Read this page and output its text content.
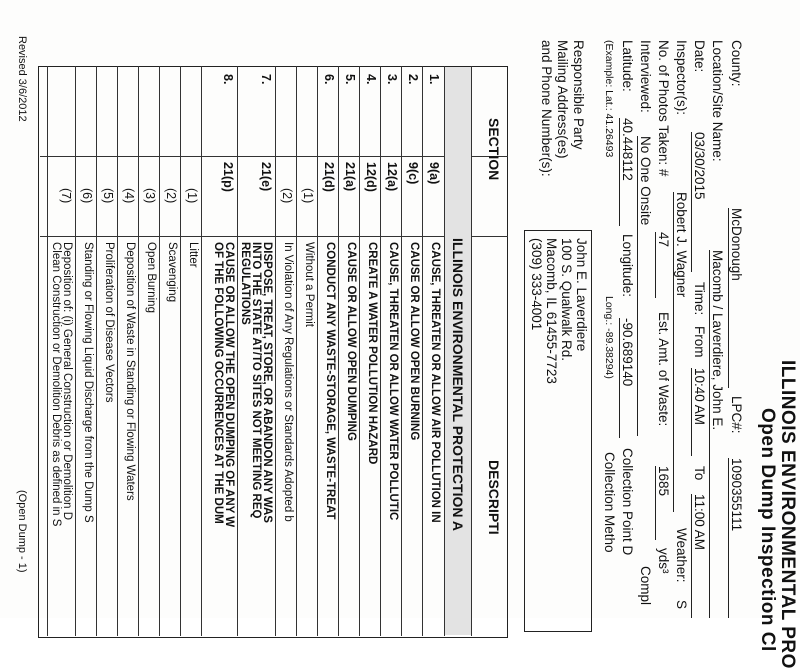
ILLINOIS ENVIRONMENTAL PRO
Open Dump Inspection Cl
County:
McDonough
LPC#:
1090355111
Location/Site Name:
Macomb / Laverdiere, John E.
Date:
03/30/2015
Time:
From
10:40 AM
To
11:00 AM
Inspector(s):
Robert J. Wagner
Weather:
S
No. of Photos Taken: #
47
Est. Amt. of Waste:
1685
yds³
Interviewed:
No One Onsite
Compl
Latitude:
40.448112
Longitude:
-90.689140
Collection Point D
(Example: Lat.: 41.26493
Long.: -89.38294)
Collection Metho
Responsible Party
Mailing Address(es)
and Phone Number(s):
John E. Laverdiere
100 S. Qualwalk Rd.
Macomb, IL 61455-7723
(309) 333-4001
SECTION
DESCRIPTI
ILLINOIS ENVIRONMENTAL PROTECTION A
1.
9(a)
CAUSE, THREATEN OR ALLOW AIR POLLUTION IN
2.
9(c)
CAUSE OR ALLOW OPEN BURNING
3.
12(a)
CAUSE, THREATEN OR ALLOW WATER POLLUTIC
4.
12(d)
CREATE A WATER POLLUTION HAZARD
5.
21(a)
CAUSE OR ALLOW OPEN DUMPING
6.
21(d)
CONDUCT ANY WASTE-STORAGE, WASTE-TREAT
(1)
Without a Permit
(2)
In Violation of Any Regulations or Standards Adopted b
7.
21(e)
DISPOSE, TREAT, STORE, OR ABANDON ANY WAS
INTO THE STATE AT/TO SITES NOT MEETING REQ
REGULATIONS
8.
21(p)
CAUSE OR ALLOW THE OPEN DUMPING OF ANY W
OF THE FOLLOWING OCCURRENCES AT THE DUM
(1)
Litter
(2)
Scavenging
(3)
Open Burning
(4)
Deposition of Waste in Standing or Flowing Waters
(5)
Proliferation of Disease Vectors
(6)
Standing or Flowing Liquid Discharge from the Dump S
(7)
Deposition of: (i) General Construction or Demolition D
Clean Construction or Demolition Debris as defined in S
Revised 3/6/2012
(Open Dump - 1)
